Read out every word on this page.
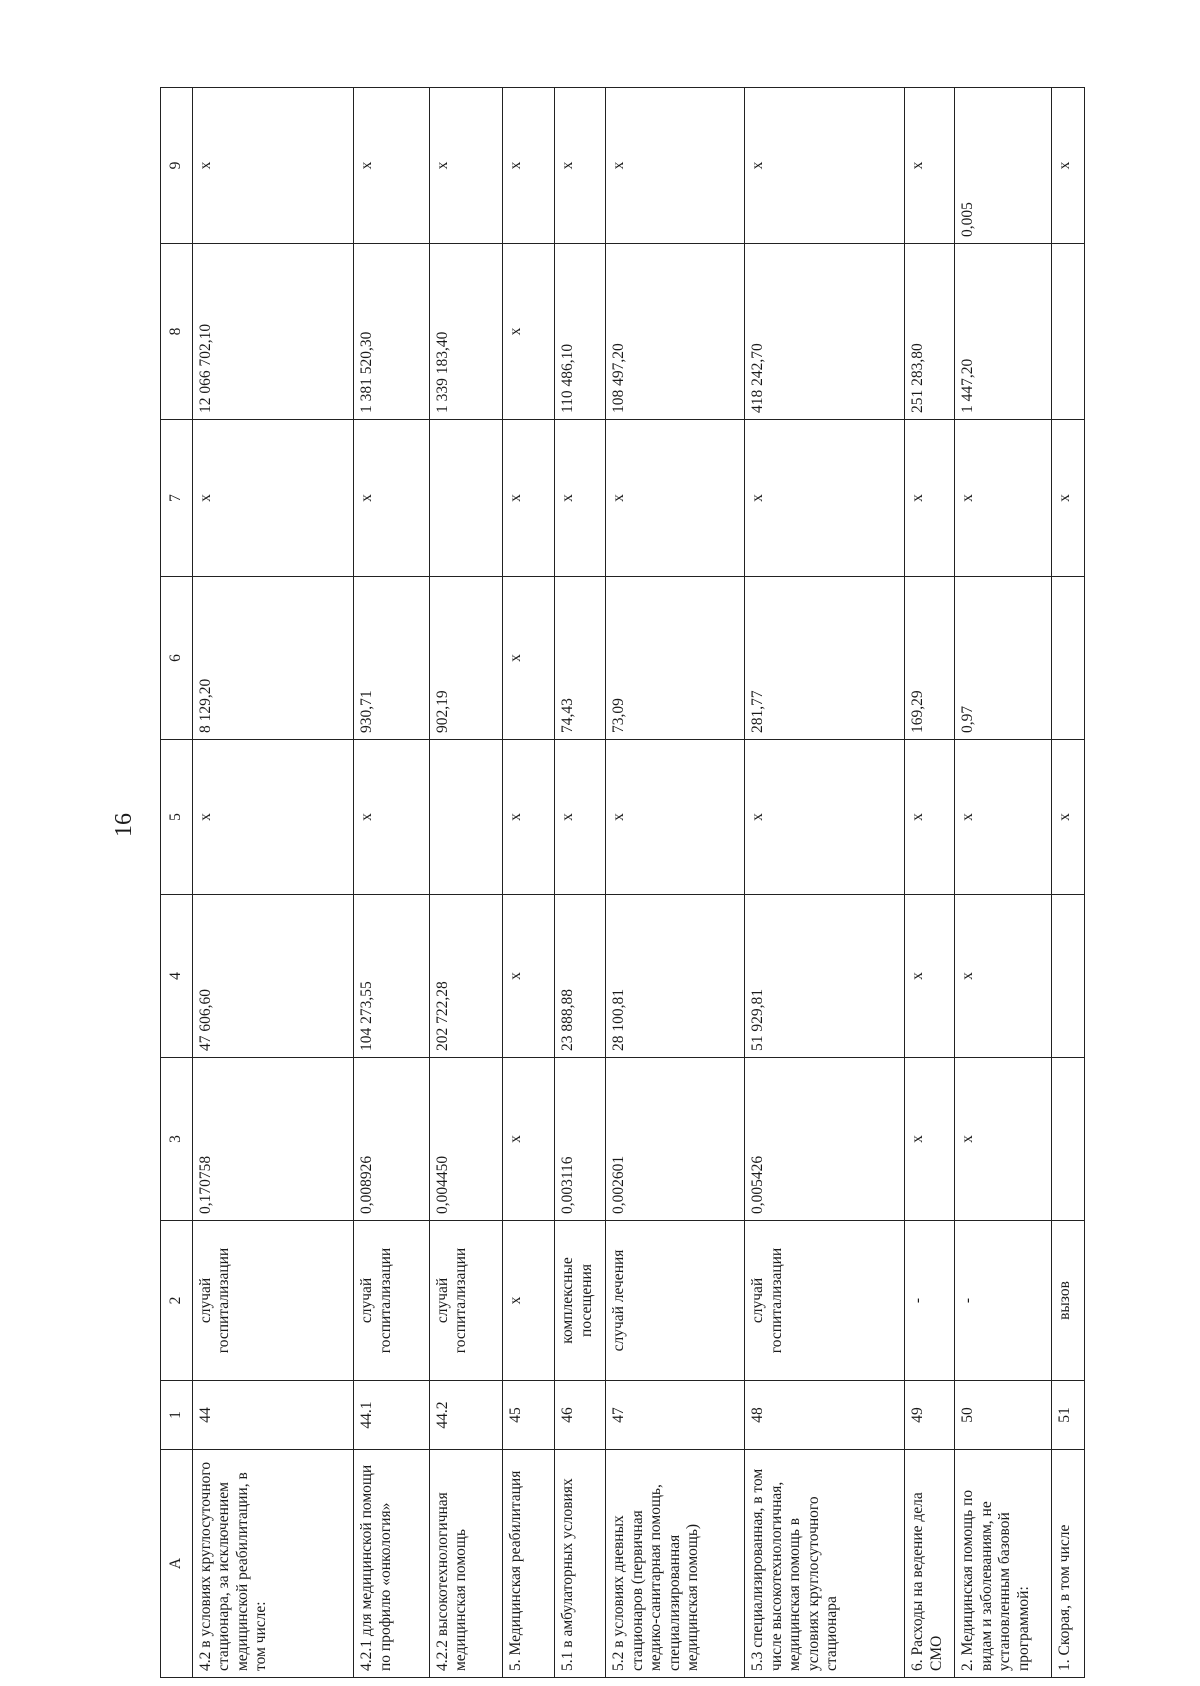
16
А	1	2	3	4	5	6	7	8	9
4.2 в условиях круглосуточного стационара, за исключением медицинской реабилитации, в том числе:	44	случай госпитализации	0,170758	47 606,60	х	8 129,20	х	12 066 702,10	х
4.2.1 для медицинской помощи по профилю «онкология»	44.1	случай госпитализации	0,008926	104 273,55	х	930,71	х	1 381 520,30	х
4.2.2 высокотехнологичная медицинская помощь	44.2	случай госпитализации	0,004450	202 722,28		902,19		1 339 183,40	х
5. Медицинская реабилитация	45	х	х	х	х	х	х	х	х
5.1 в амбулаторных условиях	46	комплексные посещения	0,003116	23 888,88	х	74,43	х	110 486,10	х
5.2 в условиях дневных стационаров (первичная медико-санитарная помощь, специализированная медицинская помощь)	47	случай лечения	0,002601	28 100,81	х	73,09	х	108 497,20	х
5.3 специализированная, в том числе высокотехнологичная, медицинская помощь в условиях круглосуточного стационара	48	случай госпитализации	0,005426	51 929,81	х	281,77	х	418 242,70	х
6. Расходы на ведение дела СМО	49	-	х	х	х	169,29	х	251 283,80	х
2. Медицинская помощь по видам и заболеваниям, не установленным базовой программой:	50	-	х	х	х	0,97	х	1 447,20	0,005
1. Скорая, в том числе	51	вызов			х		х		х
